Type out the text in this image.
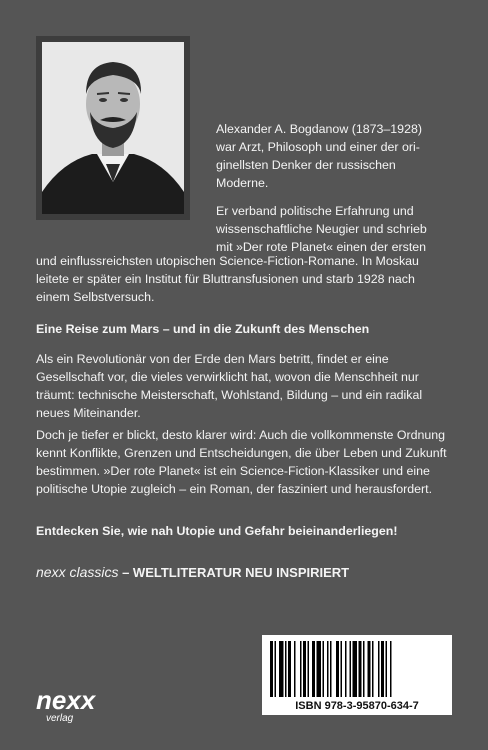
Alexander A. Bogdanow (1873–1928)

war Arzt, Philosoph und einer der ori-

ginellsten Denker der russischen

Moderne.

Er verband politische Erfahrung und

wissenschaftliche Neugier und schrieb

mit »Der rote Planet« einen der ersten

und einflussreichsten utopischen Science-Fiction-Romane. In Moskau

leitete er später ein Institut für Bluttransfusionen und starb 1928 nach

einem Selbstversuch.

Eine Reise zum Mars – und in die Zukunft des Menschen
Als ein Revolutionär von der Erde den Mars betritt, findet er eine Gesellschaft vor, die vieles verwirklicht hat, wovon die Menschheit nur träumt: technische Meisterschaft, Wohlstand, Bildung – und ein radikal neues Miteinander.
Doch je tiefer er blickt, desto klarer wird: Auch die vollkommenste Ordnung kennt Konflikte, Grenzen und Entscheidungen, die über Leben und Zukunft bestimmen. »Der rote Planet« ist ein Science-Fiction-Klassiker und eine politische Utopie zugleich – ein Roman, der fasziniert und herausfordert.
Entdecken Sie, wie nah Utopie und Gefahr beieinanderliegen!
nexx classics – WELTLITERATUR NEU INSPIRIERT
ISBN 978-3-95870-634-7
nexx
verlag
